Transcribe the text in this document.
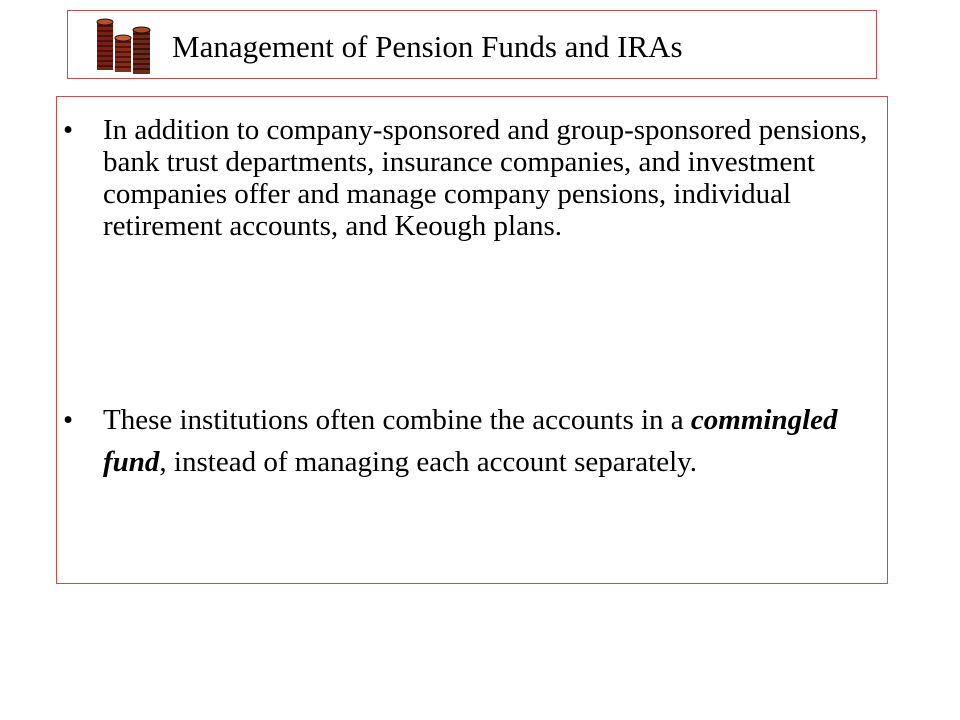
Management of Pension Funds and IRAs
• In addition to company-sponsored and group-sponsored pensions, bank trust departments, insurance companies, and investment companies offer and manage company pensions, individual retirement accounts, and Keough plans.
• These institutions often combine the accounts in a commingled fund, instead of managing each account separately.
